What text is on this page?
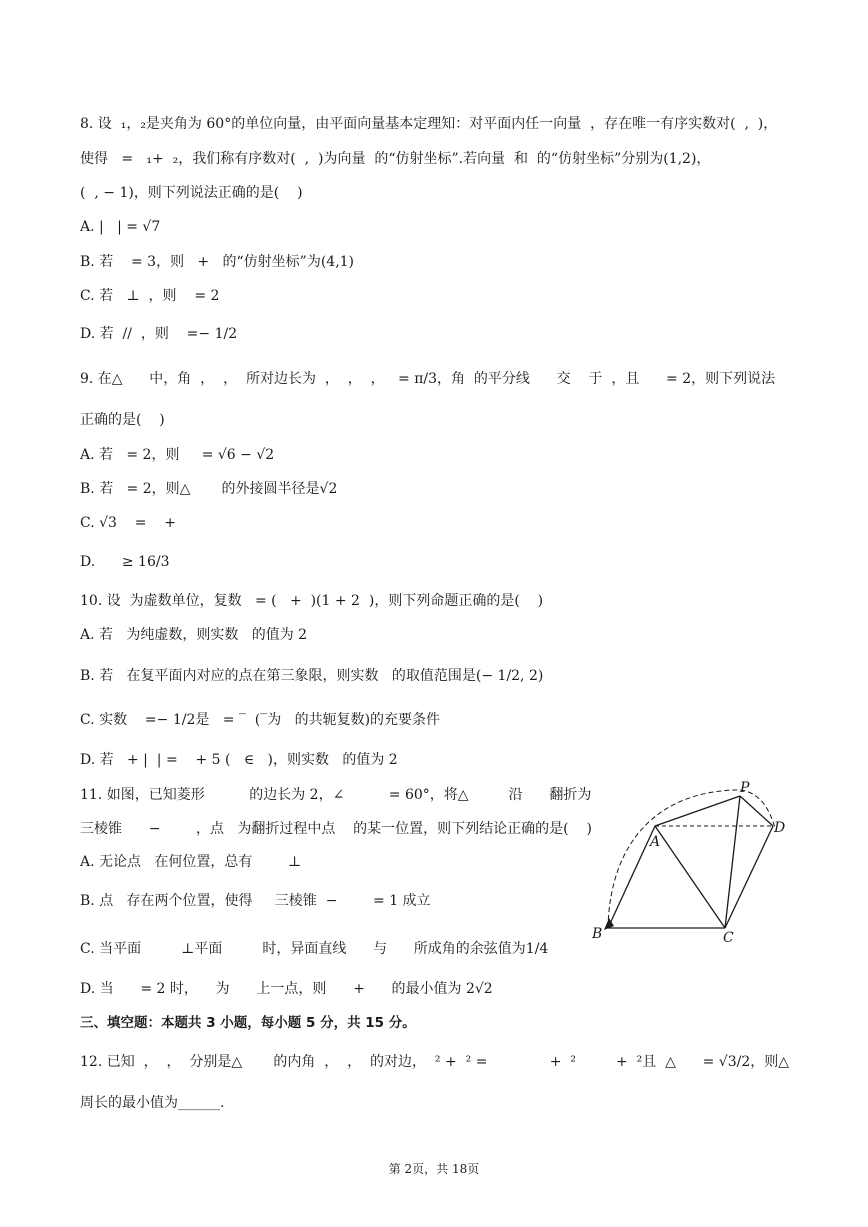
8. 设  ₁，₂是夹角为 60°的单位向量，由平面向量基本定理知：对平面内任一向量  ，存在唯一有序实数对(  ,  )，
使得   =   ₁+  ₂，我们称有序数对(  ,  )为向量  的“仿射坐标”.若向量  和  的“仿射坐标”分别为(1,2)，
(  , − 1)，则下列说法正确的是(    )
A. |   | = √7
B. 若    = 3，则   +   的“仿射坐标”为(4,1)
C. 若   ⊥  ，则    = 2
D. 若  //  ，则    =− 1/2
9. 在△      中，角  ，  ，  所对边长为  ，  ，  ，   = π/3，角  的平分线      交    于  ，且      = 2，则下列说法
正确的是(    )
A. 若   = 2，则     = √6 − √2
B. 若   = 2，则△       的外接圆半径是√2
C. √3    =    +
D.      ≥ 16/3
10. 设  为虚数单位，复数   = (   +  )(1 + 2  )，则下列命题正确的是(    )
A. 若   为纯虚数，则实数   的值为 2
B. 若   在复平面内对应的点在第三象限，则实数   的取值范围是(− 1/2, 2)
C. 实数    =− 1/2是   = ‾  (‾为   的共轭复数)的充要条件
D. 若   + |  | =    + 5 (   ∈   )，则实数   的值为 2
11. 如图，已知菱形          的边长为 2，∠          = 60°，将△         沿      翻折为
三棱锥      −        ，点   为翻折过程中点    的某一位置，则下列结论正确的是(    )
A. 无论点   在何位置，总有        ⊥
B. 点   存在两个位置，使得     三棱锥  −        = 1 成立
C. 当平面         ⊥平面         时，异面直线      与      所成角的余弦值为1/4
D. 当      = 2 时，    为      上一点，则      +      的最小值为 2√2
三、填空题：本题共 3 小题，每小题 5 分，共 15 分。
12. 已知  ，  ，  分别是△       的内角  ，  ，  的对边，  ² +  ² =              +  ²         +  ²且  △      = √3/2，则△
周长的最小值为______.
P
A
D
B	C
第 2页，共 18页
